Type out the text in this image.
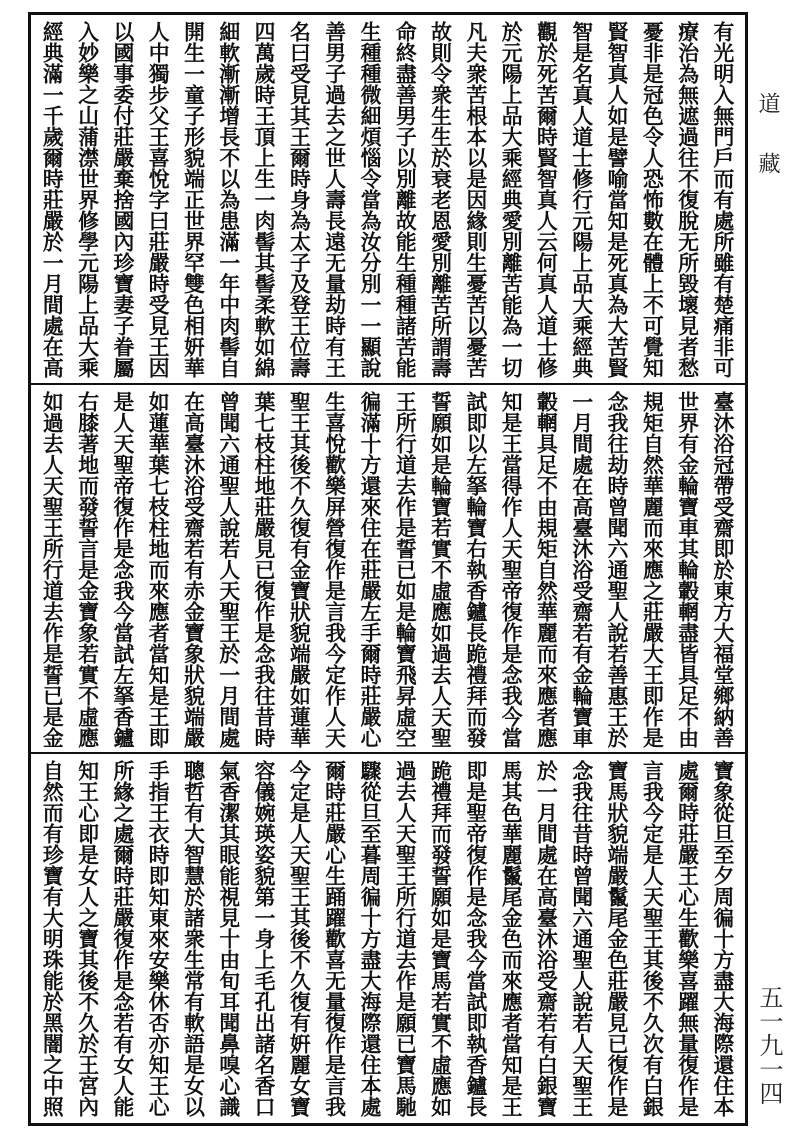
有光明入無門戶而有處所雖有楚痛非可
療治為無遮過往不復脫无所毀壞見者愁
憂非是冠色令人恐怖數在體上不可覺知
賢智真人如是譬喻當知是死真為大苦賢
智是名真人道士修行元陽上品大乘經典
觀於死苦爾時賢智真人云何真人道士修
於元陽上品大乘經典愛別離苦能為一切
凡夫衆苦根本以是因緣則生憂苦以憂苦
故則令衆生生於衰老恩愛別離苦所謂壽
命終盡善男子以別離故能生種種諸苦能
生種種微細煩惱令當為汝分別一一顯說
善男子過去之世人壽長遠无量劫時有王
名曰受見其王爾時身為太子及登王位壽
四萬歲時王頂上生一肉髻其髻柔軟如綿
細軟漸漸增長不以為患滿一年中肉髻自
開生一童子形貌端正世界罕雙色相姸華
人中獨步父王喜悅字曰莊嚴時受見王因
以國事委付莊嚴棄捨國內珍寶妻子眷屬
入妙樂之山蒲澿世界修學元陽上品大乘
經典滿一千歲爾時莊嚴於一月間處在高
臺沐浴冠帶受齋即於東方大福堂鄉納善
世界有金輪寶車其輪轂輞盡皆具足不由
規矩自然華麗而來應之莊嚴大王即作是
念我往劫時曾聞六通聖人說若善惠王於
一月間處在高臺沐浴受齋若有金輪寶車
轂輞具足不由規矩自然華麗而來應者應
知是王當得作人天聖帝復作是念我今當
試即以左拏輪寶右執香鑪長跪禮拜而發
誓願如是輪寶若實不虛應如過去人天聖
王所行道去作是誓已如是輪寶飛昇虛空
徧滿十方還來住在莊嚴左手爾時莊嚴心
生喜悅歡樂屏營復作是言我今定作人天
聖王其後不久復有金寶狀貌端嚴如蓮華
葉七枝柱地莊嚴見已復作是念我往昔時
曾聞六通聖人說若人天聖王於一月間處
在高臺沐浴受齋若有赤金寶象狀貌端嚴
如蓮華葉七枝柱地而來應者當知是王即
是人天聖帝復作是念我今當試左拏香鑪
右膝著地而發誓言是金寶象若實不虛應
如過去人天聖王所行道去作是誓已是金
寶象從旦至夕周徧十方盡大海際還住本
處爾時莊嚴王心生歡樂喜躍無量復作是
言我今定是人天聖王其後不久次有白銀
寶馬狀貌端嚴鬣尾金色莊嚴見已復作是
念我往昔時曾聞六通聖人說若人天聖王
於一月間處在高臺沐浴受齋若有白銀寶
馬其色華麗鬣尾金色而來應者當知是王
即是聖帝復作是念我今當試即執香鑪長
跪禮拜而發誓願如是寶馬若實不虛應如
過去人天聖王所行道去作是願已寶馬馳
驟從旦至暮周徧十方盡大海際還住本處
爾時莊嚴心生踊躍歡喜无量復作是言我
今定是人天聖王其後不久復有姸麗女寶
容儀婉瑛姿貌第一身上毛孔出諸名香口
氣香潔其眼能視見十由旬耳聞鼻嗅心識
聰哲有大智慧於諸衆生常有軟語是女以
手指王衣時即知東來安樂休否亦知王心
所緣之處爾時莊嚴復作是念若有女人能
知王心即是女人之寶其後不久於王宮內
自然而有珍寶有大明珠能於黑闇之中照
道
藏
五一九一四
